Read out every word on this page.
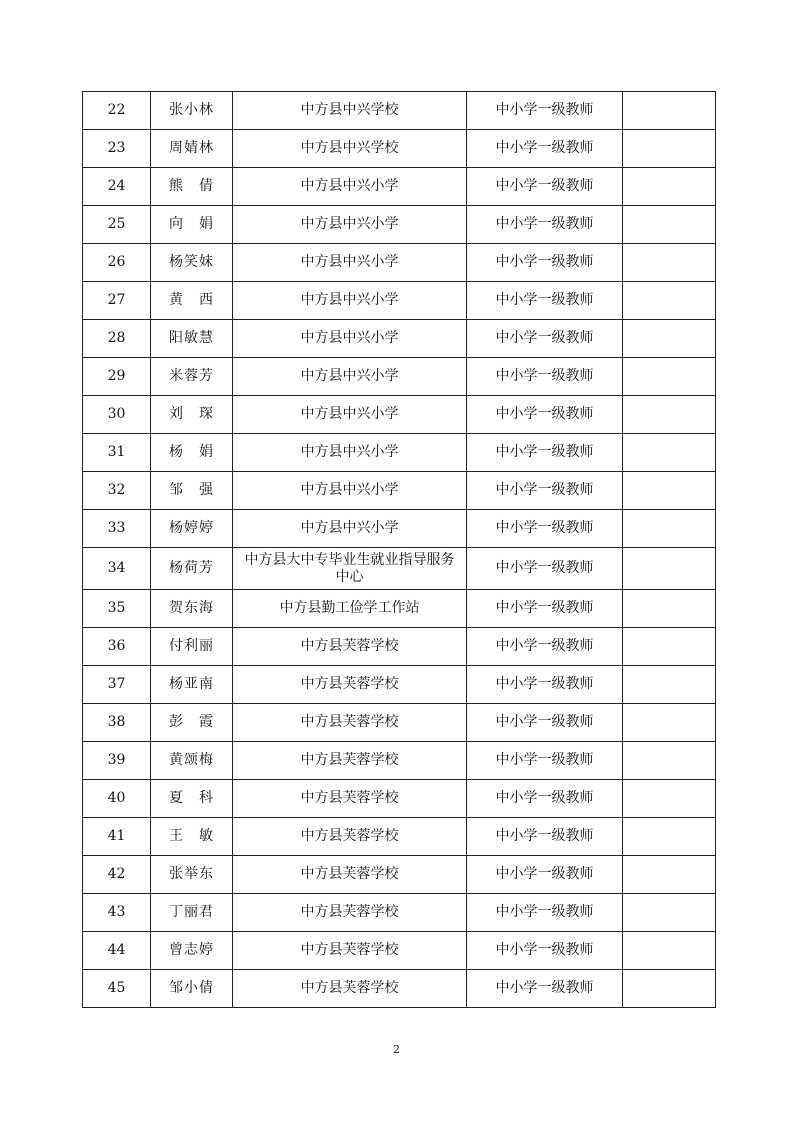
22	张小林	中方县中兴学校	中小学一级教师	
23	周婧林	中方县中兴学校	中小学一级教师	
24	熊　倩	中方县中兴小学	中小学一级教师	
25	向　娟	中方县中兴小学	中小学一级教师	
26	杨笑妹	中方县中兴小学	中小学一级教师	
27	黄　西	中方县中兴小学	中小学一级教师	
28	阳敏慧	中方县中兴小学	中小学一级教师	
29	米蓉芳	中方县中兴小学	中小学一级教师	
30	刘　琛	中方县中兴小学	中小学一级教师	
31	杨　娟	中方县中兴小学	中小学一级教师	
32	邹　强	中方县中兴小学	中小学一级教师	
33	杨婷婷	中方县中兴小学	中小学一级教师	
34	杨荷芳	中方县大中专毕业生就业指导服务中心	中小学一级教师	
35	贺东海	中方县勤工俭学工作站	中小学一级教师	
36	付利丽	中方县芙蓉学校	中小学一级教师	
37	杨亚南	中方县芙蓉学校	中小学一级教师	
38	彭　霞	中方县芙蓉学校	中小学一级教师	
39	黄颂梅	中方县芙蓉学校	中小学一级教师	
40	夏　科	中方县芙蓉学校	中小学一级教师	
41	王　敏	中方县芙蓉学校	中小学一级教师	
42	张举东	中方县芙蓉学校	中小学一级教师	
43	丁丽君	中方县芙蓉学校	中小学一级教师	
44	曾志婷	中方县芙蓉学校	中小学一级教师	
45	邹小倩	中方县芙蓉学校	中小学一级教师	
2
